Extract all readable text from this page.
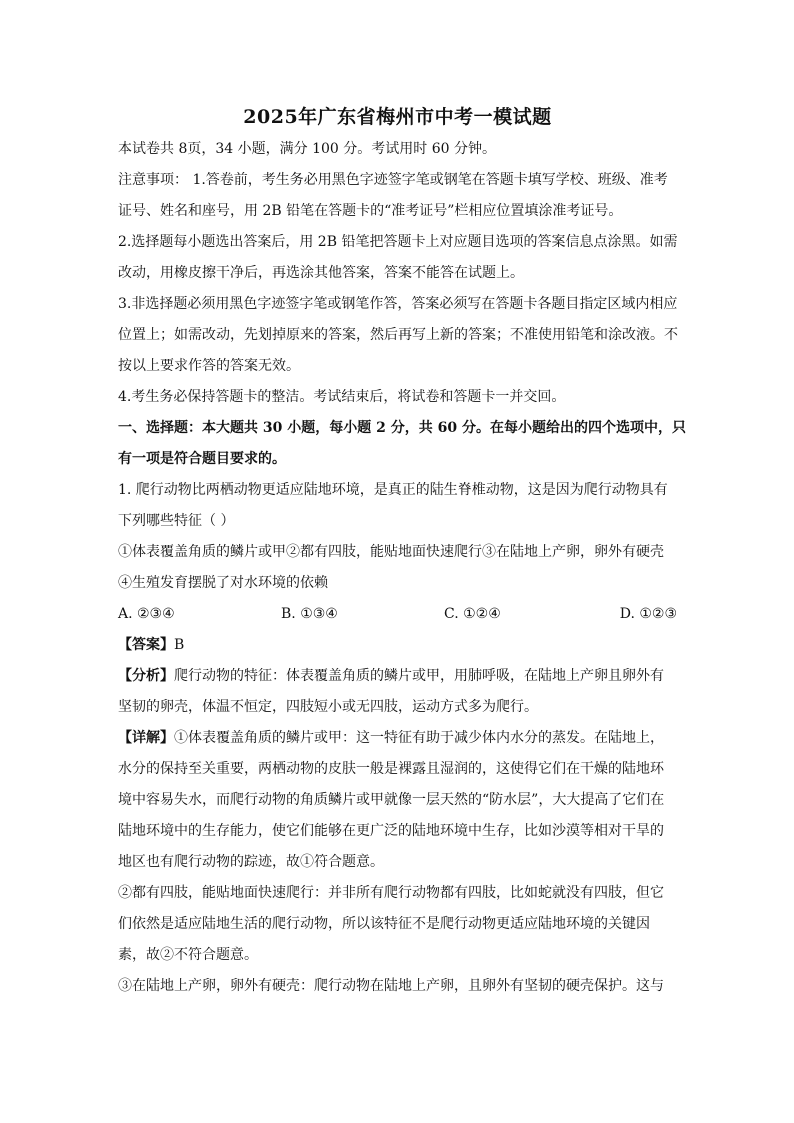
2025年广东省梅州市中考一模试题

本试卷共 8页，34 小题，满分 100 分。考试用时 60 分钟。

注意事项： 1.答卷前，考生务必用黑色字迹签字笔或钢笔在答题卡填写学校、班级、准考

证号、姓名和座号，用 2B 铅笔在答题卡的“准考证号”栏相应位置填涂准考证号。

2.选择题每小题选出答案后，用 2B 铅笔把答题卡上对应题目选项的答案信息点涂黑。如需

改动，用橡皮擦干净后，再选涂其他答案，答案不能答在试题上。

3.非选择题必须用黑色字迹签字笔或钢笔作答，答案必须写在答题卡各题目指定区域内相应

位置上；如需改动，先划掉原来的答案，然后再写上新的答案；不准使用铅笔和涂改液。不

按以上要求作答的答案无效。

4.考生务必保持答题卡的整洁。考试结束后，将试卷和答题卡一并交回。

一、选择题：本大题共 30 小题，每小题 2 分，共 60 分。在每小题给出的四个选项中，只

有一项是符合题目要求的。

1. 爬行动物比两栖动物更适应陆地环境，是真正的陆生脊椎动物，这是因为爬行动物具有

下列哪些特征（ ）

①体表覆盖角质的鳞片或甲②都有四肢，能贴地面快速爬行③在陆地上产卵，卵外有硬壳

④生殖发育摆脱了对水环境的依赖

A. ②③④	B. ①③④	C. ①②④	D. ①②③

【答案】B

【分析】爬行动物的特征：体表覆盖角质的鳞片或甲，用肺呼吸，在陆地上产卵且卵外有

坚韧的卵壳，体温不恒定，四肢短小或无四肢，运动方式多为爬行。

【详解】①体表覆盖角质的鳞片或甲：这一特征有助于减少体内水分的蒸发。在陆地上，

水分的保持至关重要，两栖动物的皮肤一般是裸露且湿润的，这使得它们在干燥的陆地环

境中容易失水，而爬行动物的角质鳞片或甲就像一层天然的“防水层”，大大提高了它们在

陆地环境中的生存能力，使它们能够在更广泛的陆地环境中生存，比如沙漠等相对干旱的

地区也有爬行动物的踪迹，故①符合题意。

②都有四肢，能贴地面快速爬行：并非所有爬行动物都有四肢，比如蛇就没有四肢，但它

们依然是适应陆地生活的爬行动物，所以该特征不是爬行动物更适应陆地环境的关键因

素，故②不符合题意。

③在陆地上产卵，卵外有硬壳：爬行动物在陆地上产卵，且卵外有坚韧的硬壳保护。这与
